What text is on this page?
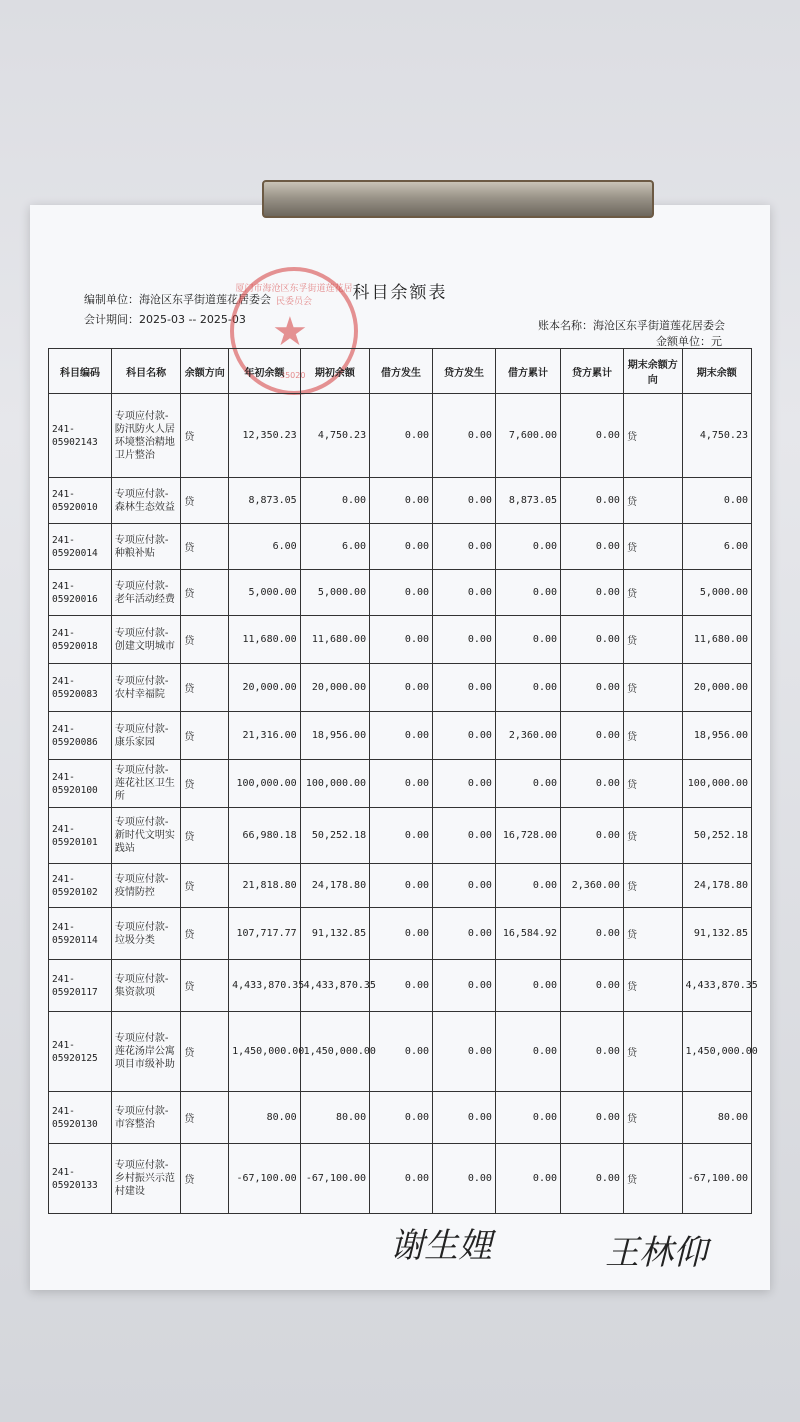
科目余额表
编制单位：海沧区东孚街道莲花居委会
会计期间：2025-03 -- 2025-03	账本名称：海沧区东孚街道莲花居委会
金额单位：元
厦门市海沧区东孚街道莲花居民委员会
★
35020
科目编码	科目名称	余额方向	年初余额	期初余额	借方发生	贷方发生	借方累计	贷方累计	期末余额方向	期末余额
241-05902143	专项应付款-防汛防火人居环境整治精地卫片整治	贷	12,350.23	4,750.23	0.00	0.00	7,600.00	0.00	贷	4,750.23
241-05920010	专项应付款-森林生态效益	贷	8,873.05	0.00	0.00	0.00	8,873.05	0.00	贷	0.00
241-05920014	专项应付款-种粮补贴	贷	6.00	6.00	0.00	0.00	0.00	0.00	贷	6.00
241-05920016	专项应付款-老年活动经费	贷	5,000.00	5,000.00	0.00	0.00	0.00	0.00	贷	5,000.00
241-05920018	专项应付款-创建文明城市	贷	11,680.00	11,680.00	0.00	0.00	0.00	0.00	贷	11,680.00
241-05920083	专项应付款-农村幸福院	贷	20,000.00	20,000.00	0.00	0.00	0.00	0.00	贷	20,000.00
241-05920086	专项应付款-康乐家园	贷	21,316.00	18,956.00	0.00	0.00	2,360.00	0.00	贷	18,956.00
241-05920100	专项应付款-莲花社区卫生所	贷	100,000.00	100,000.00	0.00	0.00	0.00	0.00	贷	100,000.00
241-05920101	专项应付款-新时代文明实践站	贷	66,980.18	50,252.18	0.00	0.00	16,728.00	0.00	贷	50,252.18
241-05920102	专项应付款-疫情防控	贷	21,818.80	24,178.80	0.00	0.00	0.00	2,360.00	贷	24,178.80
241-05920114	专项应付款-垃圾分类	贷	107,717.77	91,132.85	0.00	0.00	16,584.92	0.00	贷	91,132.85
241-05920117	专项应付款-集资款项	贷	4,433,870.35	4,433,870.35	0.00	0.00	0.00	0.00	贷	4,433,870.35
241-05920125	专项应付款-莲花汤岸公寓项目市级补助	贷	1,450,000.00	1,450,000.00	0.00	0.00	0.00	0.00	贷	1,450,000.00
241-05920130	专项应付款-市容整治	贷	80.00	80.00	0.00	0.00	0.00	0.00	贷	80.00
241-05920133	专项应付款-乡村振兴示范村建设	贷	-67,100.00	-67,100.00	0.00	0.00	0.00	0.00	贷	-67,100.00
谢生娌	王林仰
